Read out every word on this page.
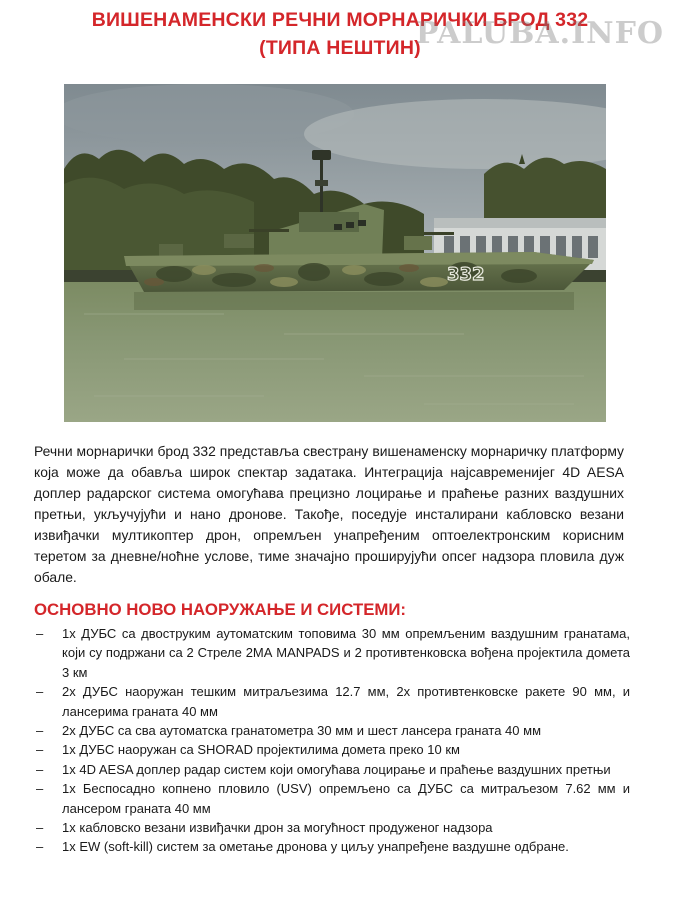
ВИШЕНАМЕНСКИ РЕЧНИ МОРНАРИЧКИ БРОД 332
(ТИПА НЕШТИН)
PALUBA.INFO
332
Речни морнарички брод 332 представља свестрану вишенаменску морнаричку платформу која може да обавља широк спектар задатака. Интеграција најсавременијег 4D AESA доплер радарског система омогућава прецизно лоцирање и праћење разних ваздушних претњи, укључујући и нано дронове. Такође, поседује инсталирани кабловско везани извиђачки мултикоптер дрон, опремљен унапређеним оптоелектронским корисним теретом за дневне/ноћне услове, тиме значајно проширујући опсег надзора пловила дуж обале.
ОСНОВНО НОВО НАОРУЖАЊЕ И СИСТЕМИ:
–	1x ДУБС са двоструким аутоматским топовима 30 мм опремљеним ваздушним гранатама, који су подржани са 2 Стреле 2МА MANPADS и 2 противтенковска вођена пројектила домета 3 км
–	2x ДУБС наоружан тешким митраљезима 12.7 мм, 2x противтенковске ракете 90 мм, и лансерима граната 40 мм
–	2x ДУБС са сва аутоматска гранатометра 30 мм и шест лансера граната 40 мм
–	1x ДУБС наоружан са SHORAD пројектилима домета преко 10 км
–	1x 4D AESA доплер радар систем који омогућава лоцирање и праћење ваздушних претњи
–	1x Беспосадно копнено пловило (USV) опремљено са ДУБС са митраљезом 7.62 мм и лансером граната 40 мм
–	1x кабловско везани извиђачки дрон за могућност продуженог надзора
–	1x EW (soft-kill) систем за ометање дронова у циљу унапређене ваздушне одбране.
